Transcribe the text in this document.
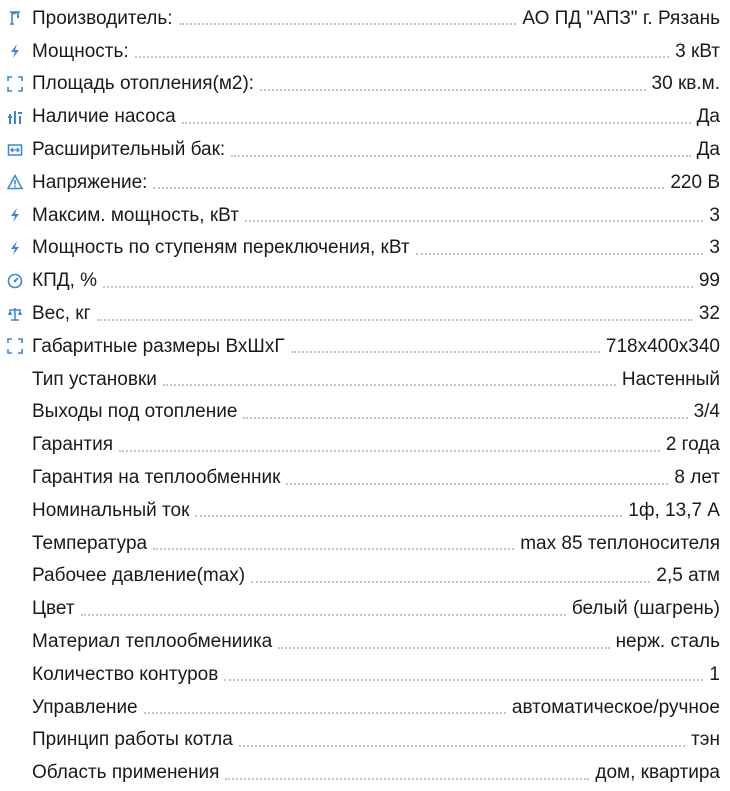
Производитель:	АО ПД "АПЗ" г. Рязань
Мощность:	3 кВт
Площадь отопления(м2):	30 кв.м.
Наличие насоса	Да
Расширительный бак:	Да
Напряжение:	220 В
Максим. мощность, кВт	3
Мощность по ступеням переключения, кВт	3
КПД, %	99
Вес, кг	32
Габаритные размеры ВхШхГ	718x400x340
Тип установки	Настенный
Выходы под отопление	3/4
Гарантия	2 года
Гарантия на теплообменник	8 лет
Номинальный ток	1ф, 13,7 А
Температура	max 85 теплоносителя
Рабочее давление(max)	2,5 атм
Цвет	белый (шагрень)
Материал теплообмениика	нерж. сталь
Количество контуров	1
Управление	автоматическое/ручное
Принцип работы котла	тэн
Область применения	дом, квартира
